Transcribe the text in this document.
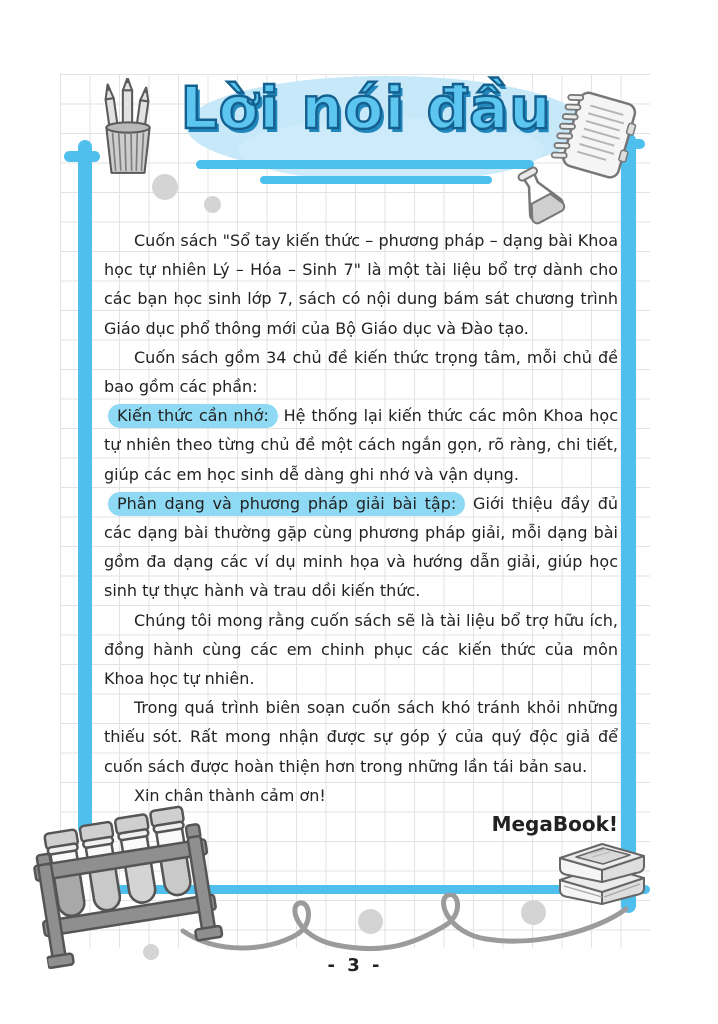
Lời nói đầu

Cuốn sách "Sổ tay kiến thức – phương pháp – dạng bài Khoa học tự nhiên Lý – Hóa – Sinh 7" là một tài liệu bổ trợ dành cho các bạn học sinh lớp 7, sách có nội dung bám sát chương trình Giáo dục phổ thông mới của Bộ Giáo dục và Đào tạo.

Cuốn sách gồm 34 chủ đề kiến thức trọng tâm, mỗi chủ đề bao gồm các phần:

Kiến thức cần nhớ: Hệ thống lại kiến thức các môn Khoa học tự nhiên theo từng chủ đề một cách ngắn gọn, rõ ràng, chi tiết, giúp các em học sinh dễ dàng ghi nhớ và vận dụng.

Phân dạng và phương pháp giải bài tập: Giới thiệu đầy đủ các dạng bài thường gặp cùng phương pháp giải, mỗi dạng bài gồm đa dạng các ví dụ minh họa và hướng dẫn giải, giúp học sinh tự thực hành và trau dồi kiến thức.

Chúng tôi mong rằng cuốn sách sẽ là tài liệu bổ trợ hữu ích, đồng hành cùng các em chinh phục các kiến thức của môn Khoa học tự nhiên.

Trong quá trình biên soạn cuốn sách khó tránh khỏi những thiếu sót. Rất mong nhận được sự góp ý của quý độc giả để cuốn sách được hoàn thiện hơn trong những lần tái bản sau.

Xin chân thành cảm ơn!

MegaBook!
- 3 -
